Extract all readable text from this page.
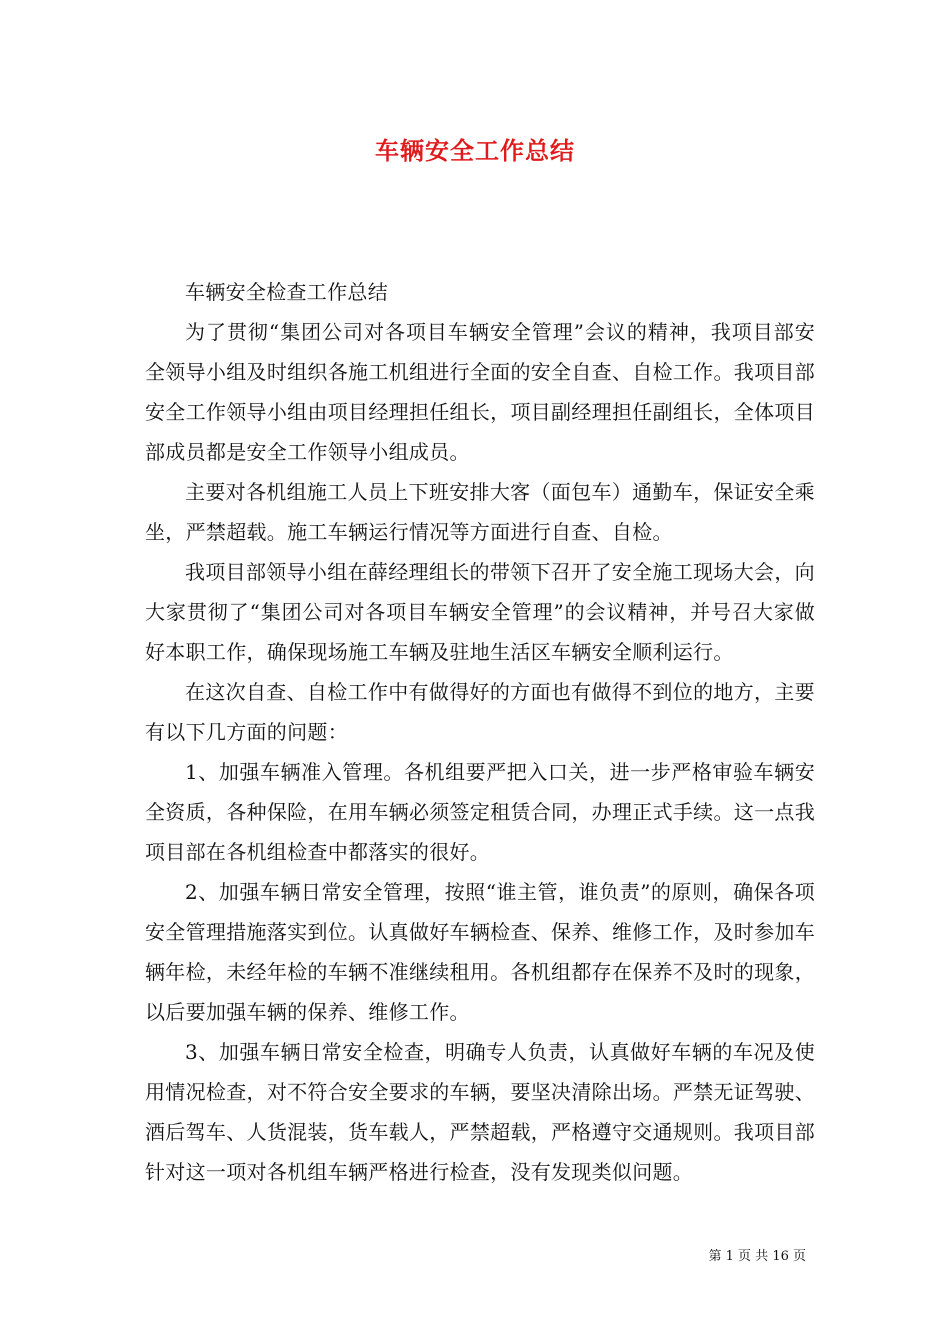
车辆安全工作总结

车辆安全检查工作总结

为了贯彻“集团公司对各项目车辆安全管理”会议的精神，我项目部安全领导小组及时组织各施工机组进行全面的安全自查、自检工作。我项目部安全工作领导小组由项目经理担任组长，项目副经理担任副组长，全体项目部成员都是安全工作领导小组成员。

主要对各机组施工人员上下班安排大客（面包车）通勤车，保证安全乘坐，严禁超载。施工车辆运行情况等方面进行自查、自检。

我项目部领导小组在薛经理组长的带领下召开了安全施工现场大会，向大家贯彻了“集团公司对各项目车辆安全管理”的会议精神，并号召大家做好本职工作，确保现场施工车辆及驻地生活区车辆安全顺利运行。

在这次自查、自检工作中有做得好的方面也有做得不到位的地方，主要有以下几方面的问题：

1、加强车辆准入管理。各机组要严把入口关，进一步严格审验车辆安全资质，各种保险，在用车辆必须签定租赁合同，办理正式手续。这一点我项目部在各机组检查中都落实的很好。

2、加强车辆日常安全管理，按照“谁主管，谁负责”的原则，确保各项安全管理措施落实到位。认真做好车辆检查、保养、维修工作，及时参加车辆年检，未经年检的车辆不准继续租用。各机组都存在保养不及时的现象，以后要加强车辆的保养、维修工作。

3、加强车辆日常安全检查，明确专人负责，认真做好车辆的车况及使用情况检查，对不符合安全要求的车辆，要坚决清除出场。严禁无证驾驶、酒后驾车、人货混装，货车载人，严禁超载，严格遵守交通规则。我项目部针对这一项对各机组车辆严格进行检查，没有发现类似问题。

第 1 页 共 16 页
